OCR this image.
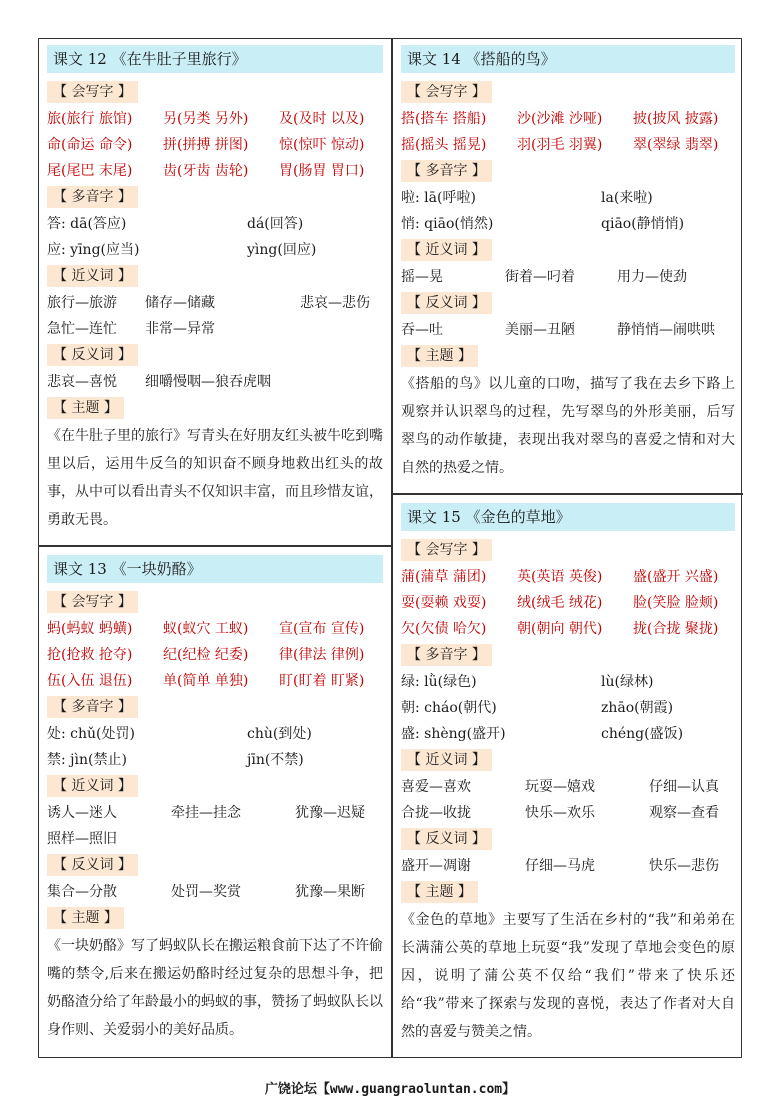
课文 12 《在牛肚子里旅行》
【 会写字 】
旅(旅行 旅馆) 另(另类 另外) 及(及时 以及)
命(命运 命令) 拼(拼搏 拼图) 惊(惊吓 惊动)
尾(尾巴 末尾) 齿(牙齿 齿轮) 胃(肠胃 胃口)
【 多音字 】
答: dā(答应)	dá(回答)
应: yīng(应当)	yìng(回应)
【 近义词 】
旅行—旅游 储存—储藏	悲哀—悲伤
急忙—连忙 非常—异常
【 反义词 】
悲哀—喜悦 细嚼慢咽—狼吞虎咽
【 主题 】
《在牛肚子里的旅行》写青头在好朋友红头被牛吃到嘴里以后，运用牛反刍的知识奋不顾身地救出红头的故事，从中可以看出青头不仅知识丰富，而且珍惜友谊，勇敢无畏。
课文 13 《一块奶酪》
【 会写字 】
蚂(蚂蚁 蚂蟥) 蚁(蚁穴 工蚁) 宣(宣布 宣传)
抢(抢救 抢夺) 纪(纪检 纪委) 律(律法 律例)
伍(入伍 退伍) 单(简单 单独) 盯(盯着 盯紧)
【 多音字 】
处: chǔ(处罚)	chù(到处)
禁: jìn(禁止)	jīn(不禁)
【 近义词 】
诱人—迷人	牵挂—挂念	犹豫—迟疑
照样—照旧
【 反义词 】
集合—分散	处罚—奖赏	犹豫—果断
【 主题 】
《一块奶酪》写了蚂蚁队长在搬运粮食前下达了不许偷嘴的禁令,后来在搬运奶酪时经过复杂的思想斗争，把奶酪渣分给了年龄最小的蚂蚁的事，赞扬了蚂蚁队长以身作则、关爱弱小的美好品质。
课文 14 《搭船的鸟》
【 会写字 】
搭(搭车 搭船) 沙(沙滩 沙哑) 披(披风 披露)
摇(摇头 摇晃) 羽(羽毛 羽翼) 翠(翠绿 翡翠)
【 多音字 】
啦: lā(呼啦)	la(来啦)
悄: qiāo(悄然)	qiāo(静悄悄)
【 近义词 】
摇—晃	街着—叼着	用力—使劲
【 反义词 】
吞—吐	美丽—丑陋	静悄悄—闹哄哄
【 主题 】
《搭船的鸟》以儿童的口吻，描写了我在去乡下路上观察并认识翠鸟的过程，先写翠鸟的外形美丽，后写翠鸟的动作敏捷，表现出我对翠鸟的喜爱之情和对大自然的热爱之情。
课文 15 《金色的草地》
【 会写字 】
蒲(蒲草 蒲团) 英(英语 英俊) 盛(盛开 兴盛)
耍(耍赖 戏耍) 绒(绒毛 绒花) 脸(笑脸 脸颊)
欠(欠债 哈欠) 朝(朝向 朝代) 拢(合拢 聚拢)
【 多音字 】
绿: lǜ(绿色)	lù(绿林)
朝: cháo(朝代)	zhāo(朝霞)
盛: shèng(盛开)	chéng(盛饭)
【 近义词 】
喜爱—喜欢	玩耍—嬉戏	仔细—认真
合拢—收拢	快乐—欢乐	观察—查看
【 反义词 】
盛开—凋谢	仔细—马虎	快乐—悲伤
【 主题 】
《金色的草地》主要写了生活在乡村的“我”和弟弟在长满蒲公英的草地上玩耍“我”发现了草地会变色的原因，说明了蒲公英不仅给“我们”带来了快乐还给“我”带来了探索与发现的喜悦，表达了作者对大自然的喜爱与赞美之情。
广饶论坛【www.guangraoluntan.com】
